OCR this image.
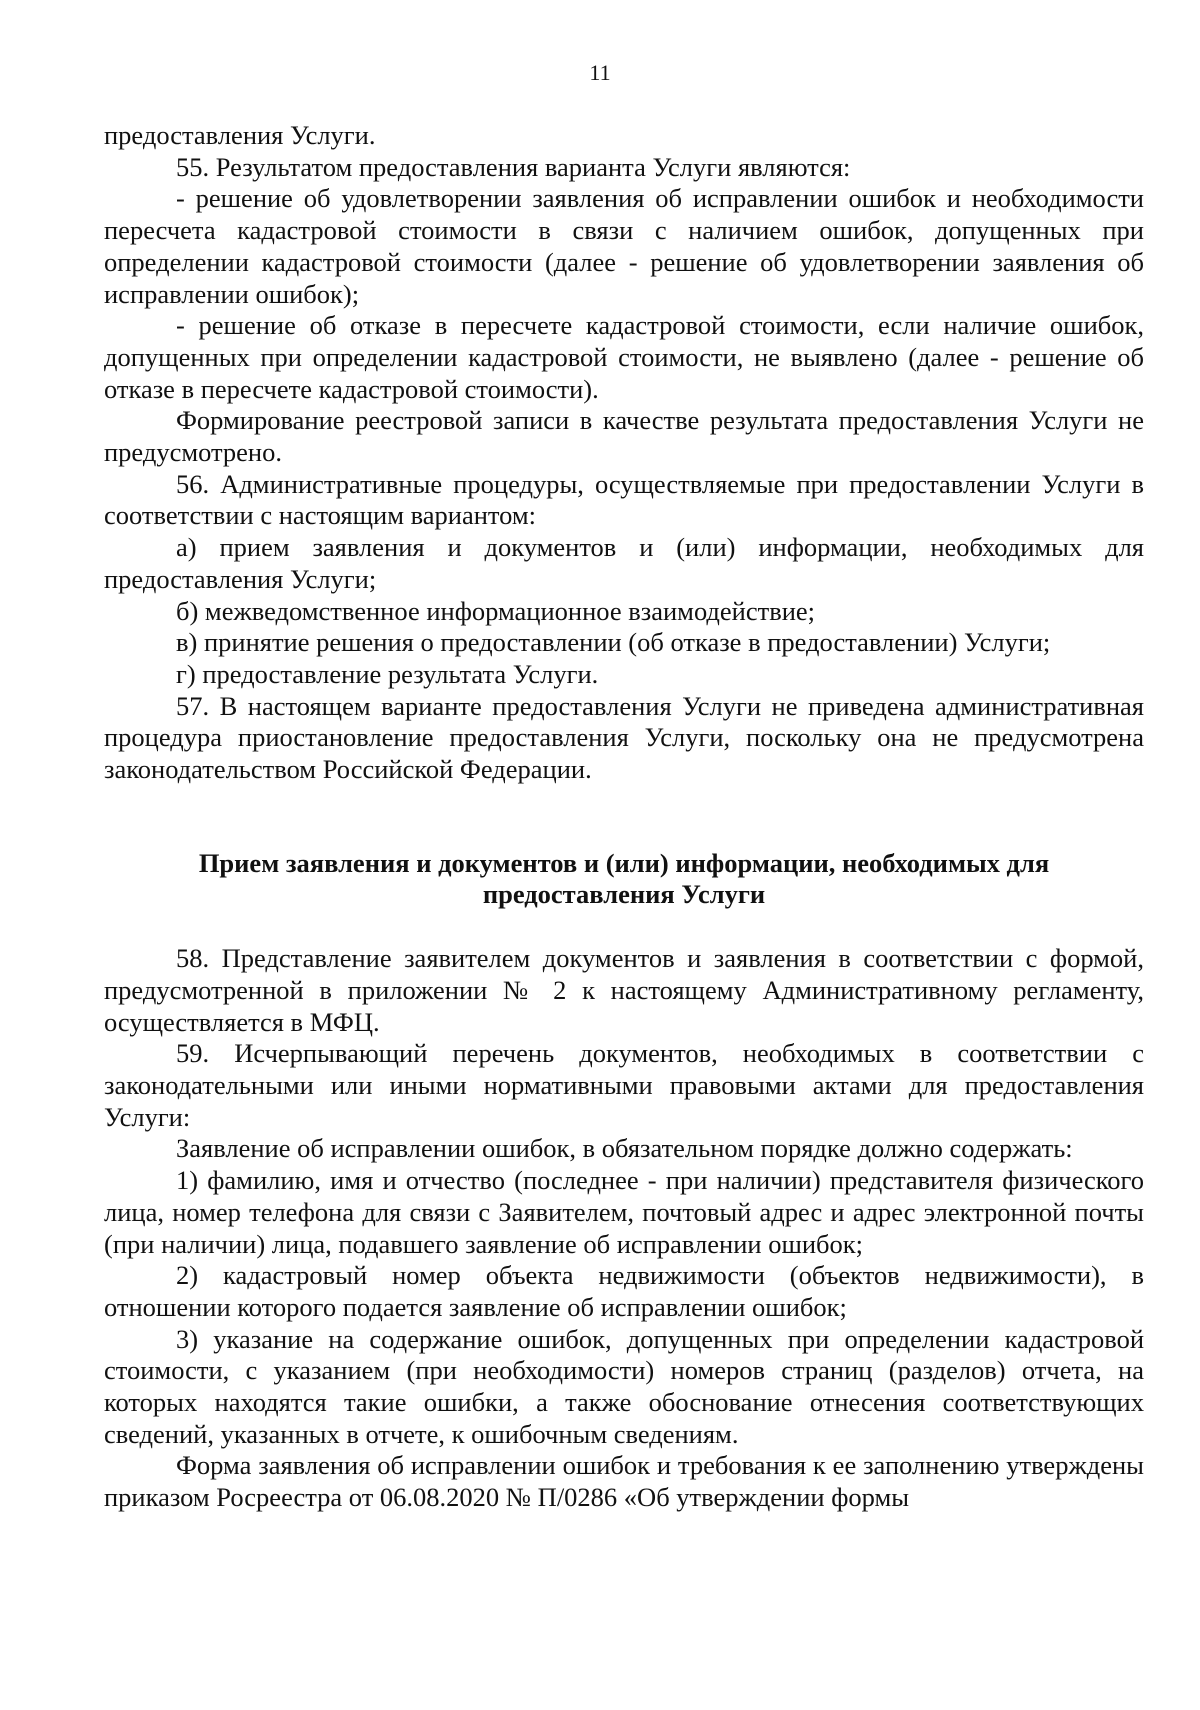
11

предоставления Услуги.

55. Результатом предоставления варианта Услуги являются:

- решение об удовлетворении заявления об исправлении ошибок и необходимости пересчета кадастровой стоимости в связи с наличием ошибок, допущенных при определении кадастровой стоимости (далее - решение об удовлетворении заявления об исправлении ошибок);

- решение об отказе в пересчете кадастровой стоимости, если наличие ошибок, допущенных при определении кадастровой стоимости, не выявлено (далее - решение об отказе в пересчете кадастровой стоимости).

Формирование реестровой записи в качестве результата предоставления Услуги не предусмотрено.

56. Административные процедуры, осуществляемые при предоставлении Услуги в соответствии с настоящим вариантом:

а) прием заявления и документов и (или) информации, необходимых для предоставления Услуги;

б) межведомственное информационное взаимодействие;

в) принятие решения о предоставлении (об отказе в предоставлении) Услуги;

г) предоставление результата Услуги.

57. В настоящем варианте предоставления Услуги не приведена административная процедура приостановление предоставления Услуги, поскольку она не предусмотрена законодательством Российской Федерации.

Прием заявления и документов и (или) информации, необходимых для предоставления Услуги

58. Представление заявителем документов и заявления в соответствии с формой, предусмотренной в приложении № 2 к настоящему Административному регламенту, осуществляется в МФЦ.

59. Исчерпывающий перечень документов, необходимых в соответствии с законодательными или иными нормативными правовыми актами для предоставления Услуги:

Заявление об исправлении ошибок, в обязательном порядке должно содержать:

1) фамилию, имя и отчество (последнее - при наличии) представителя физического лица, номер телефона для связи с Заявителем, почтовый адрес и адрес электронной почты (при наличии) лица, подавшего заявление об исправлении ошибок;

2) кадастровый номер объекта недвижимости (объектов недвижимости), в отношении которого подается заявление об исправлении ошибок;

3) указание на содержание ошибок, допущенных при определении кадастровой стоимости, с указанием (при необходимости) номеров страниц (разделов) отчета, на которых находятся такие ошибки, а также обоснование отнесения соответствующих сведений, указанных в отчете, к ошибочным сведениям.

Форма заявления об исправлении ошибок и требования к ее заполнению утверждены приказом Росреестра от 06.08.2020 № П/0286 «Об утверждении формы
